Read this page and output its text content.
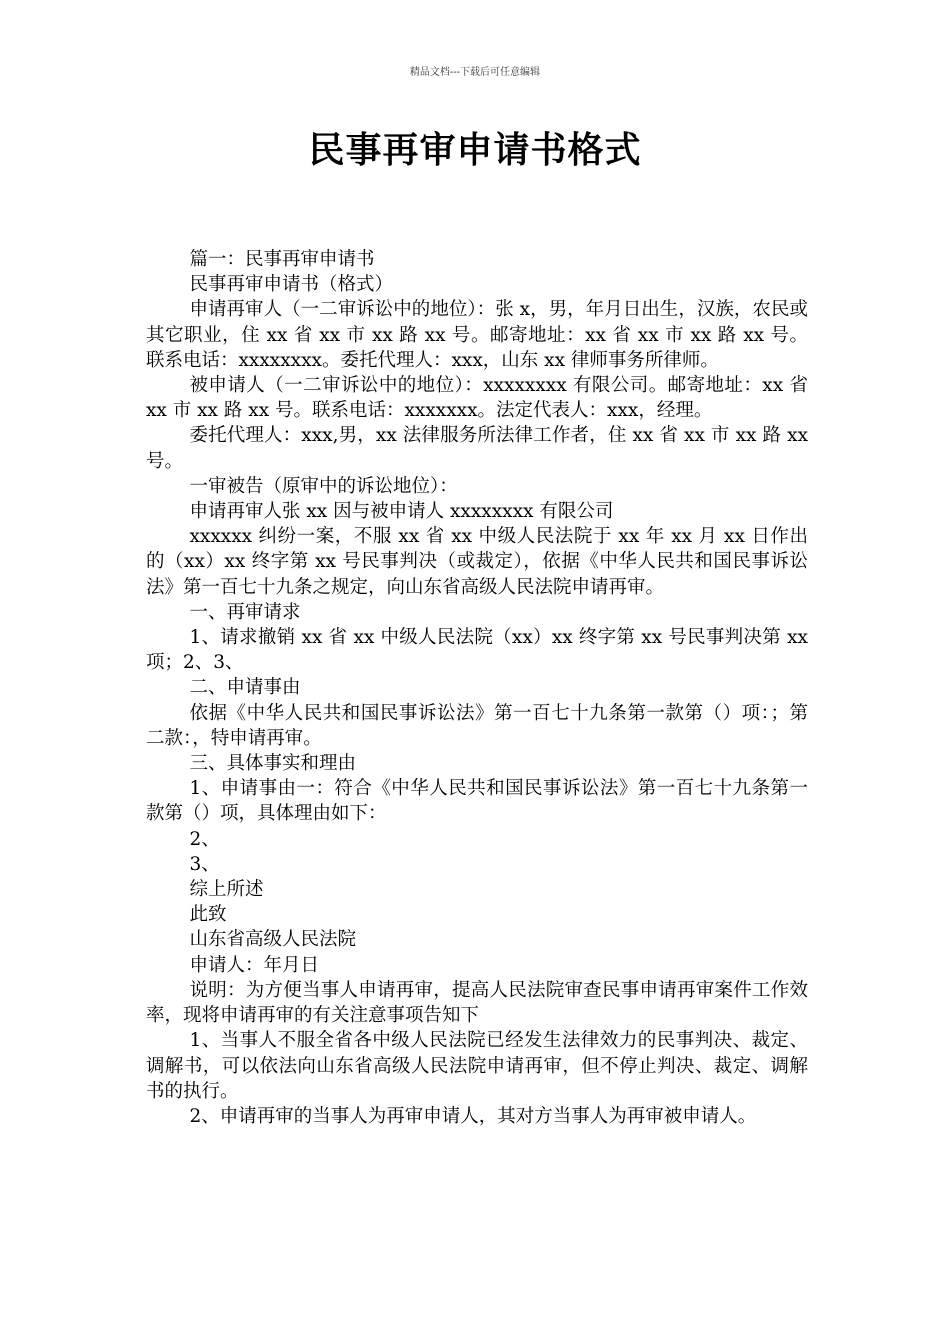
精品文档---下载后可任意编辑
民事再审申请书格式

篇一：民事再审申请书

民事再审申请书（格式）

申请再审人（一二审诉讼中的地位）：张 x，男，年月日出生，汉族，农民或其它职业，住 xx 省 xx 市 xx 路 xx 号。邮寄地址：xx 省 xx 市 xx 路 xx 号。联系电话：xxxxxxxx。委托代理人：xxx，山东 xx 律师事务所律师。

被申请人（一二审诉讼中的地位）：xxxxxxxx 有限公司。邮寄地址：xx 省 xx 市 xx 路 xx 号。联系电话：xxxxxxx。法定代表人：xxx，经理。

委托代理人：xxx,男，xx 法律服务所法律工作者，住 xx 省 xx 市 xx 路 xx 号。

一审被告（原审中的诉讼地位）：

申请再审人张 xx 因与被申请人 xxxxxxxx 有限公司

xxxxxx 纠纷一案，不服 xx 省 xx 中级人民法院于 xx 年 xx 月 xx 日作出的（xx）xx 终字第 xx 号民事判决（或裁定），依据《中华人民共和国民事诉讼法》第一百七十九条之规定，向山东省高级人民法院申请再审。

一、再审请求

1、请求撤销 xx 省 xx 中级人民法院（xx）xx 终字第 xx 号民事判决第 xx 项；2、3、

二、申请事由

依据《中华人民共和国民事诉讼法》第一百七十九条第一款第（）项：；第二款：，特申请再审。

三、具体事实和理由

1、申请事由一：符合《中华人民共和国民事诉讼法》第一百七十九条第一款第（）项，具体理由如下：

2、

3、

综上所述

此致

山东省高级人民法院

申请人：年月日

说明：为方便当事人申请再审，提高人民法院审查民事申请再审案件工作效率，现将申请再审的有关注意事项告知下

1、当事人不服全省各中级人民法院已经发生法律效力的民事判决、裁定、调解书，可以依法向山东省高级人民法院申请再审，但不停止判决、裁定、调解书的执行。

2、申请再审的当事人为再审申请人，其对方当事人为再审被申请人。
